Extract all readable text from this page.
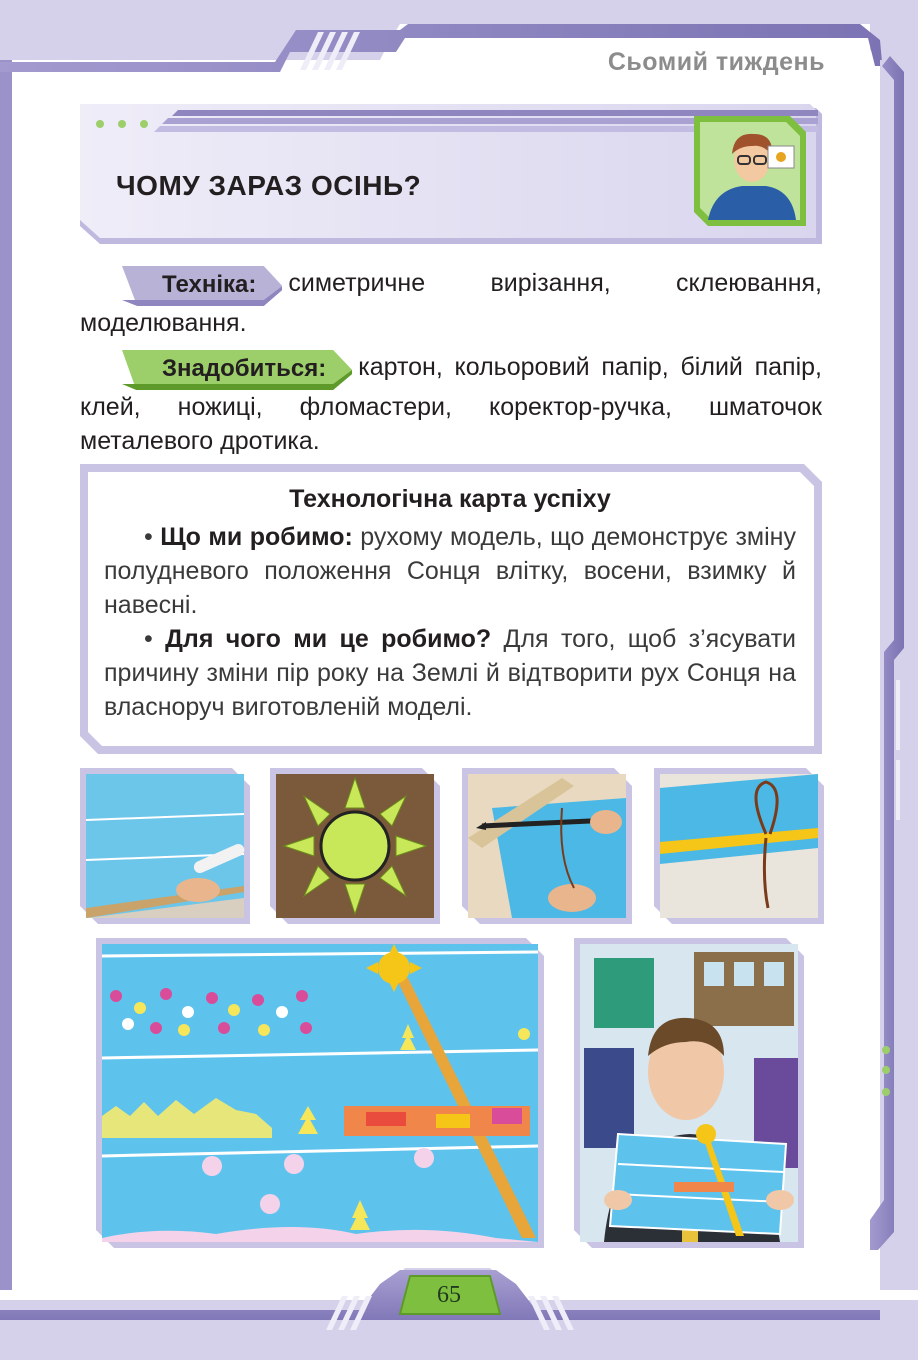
Сьомий тиждень
ЧОМУ ЗАРАЗ ОСІНЬ?
Техніка: симетричне вирізання, склеювання, моделювання.
Знадобиться: картон, кольоровий папір, білий папір, клей, ножиці, фломастери, коректор-ручка, шматочок металевого дротика.
Технологічна карта успіху

• Що ми робимо: рухому модель, що демонструє зміну полудневого положення Сонця влітку, восени, взимку й навесні.

• Для чого ми це робимо? Для того, щоб з’ясувати причину зміни пір року на Землі й відтворити рух Сонця на власноруч виготовленій моделі.

65
